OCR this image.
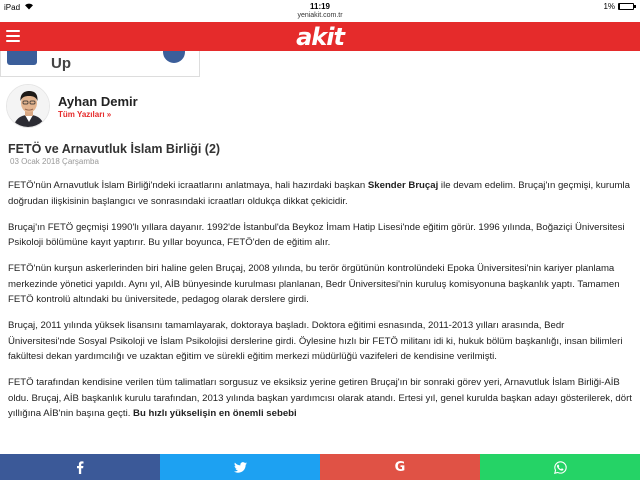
iPad	11:19
yeniakit.com.tr
1%
akit
Up
Ayhan Demir
Tüm Yazıları »
FETÖ ve Arnavutluk İslam Birliği (2)
03 Ocak 2018 Çarşamba

FETÖ'nün Arnavutluk İslam Birliği'ndeki icraatlarını anlatmaya, hali hazırdaki başkan Skender Bruçaj ile devam edelim. Bruçaj'ın geçmişi, kurumla doğrudan ilişkisinin başlangıcı ve sonrasındaki icraatları oldukça dikkat çekicidir.

Bruçaj'ın FETÖ geçmişi 1990'lı yıllara dayanır. 1992'de İstanbul'da Beykoz İmam Hatip Lisesi'nde eğitim görür. 1996 yılında, Boğaziçi Üniversitesi Psikoloji bölümüne kayıt yaptırır. Bu yıllar boyunca, FETÖ'den de eğitim alır.

FETÖ'nün kurşun askerlerinden biri haline gelen Bruçaj, 2008 yılında, bu terör örgütünün kontrolündeki Epoka Üniversitesi'nin kariyer planlama merkezinde yönetici yapıldı. Aynı yıl, AİB bünyesinde kurulması planlanan, Bedr Üniversitesi'nin kuruluş komisyonuna başkanlık yaptı. Tamamen FETÖ kontrolü altındaki bu üniversitede, pedagog olarak derslere girdi.

Bruçaj, 2011 yılında yüksek lisansını tamamlayarak, doktoraya başladı. Doktora eğitimi esnasında, 2011-2013 yılları arasında, Bedr Üniversitesi'nde Sosyal Psikoloji ve İslam Psikolojisi derslerine girdi. Öylesine hızlı bir FETÖ militanı idi ki, hukuk bölüm başkanlığı, insan bilimleri fakültesi dekan yardımcılığı ve uzaktan eğitim ve sürekli eğitim merkezi müdürlüğü vazifeleri de kendisine verilmişti.

FETÖ tarafından kendisine verilen tüm talimatları sorgusuz ve eksiksiz yerine getiren Bruçaj'ın bir sonraki görev yeri, Arnavutluk İslam Birliği-AİB oldu. Bruçaj, AİB başkanlık kurulu tarafından, 2013 yılında başkan yardımcısı olarak atandı. Ertesi yıl, genel kurulda başkan adayı gösterilerek, dört yıllığına AİB'nin başına geçti. Bu hızlı yükselişin en önemli sebebi

G
